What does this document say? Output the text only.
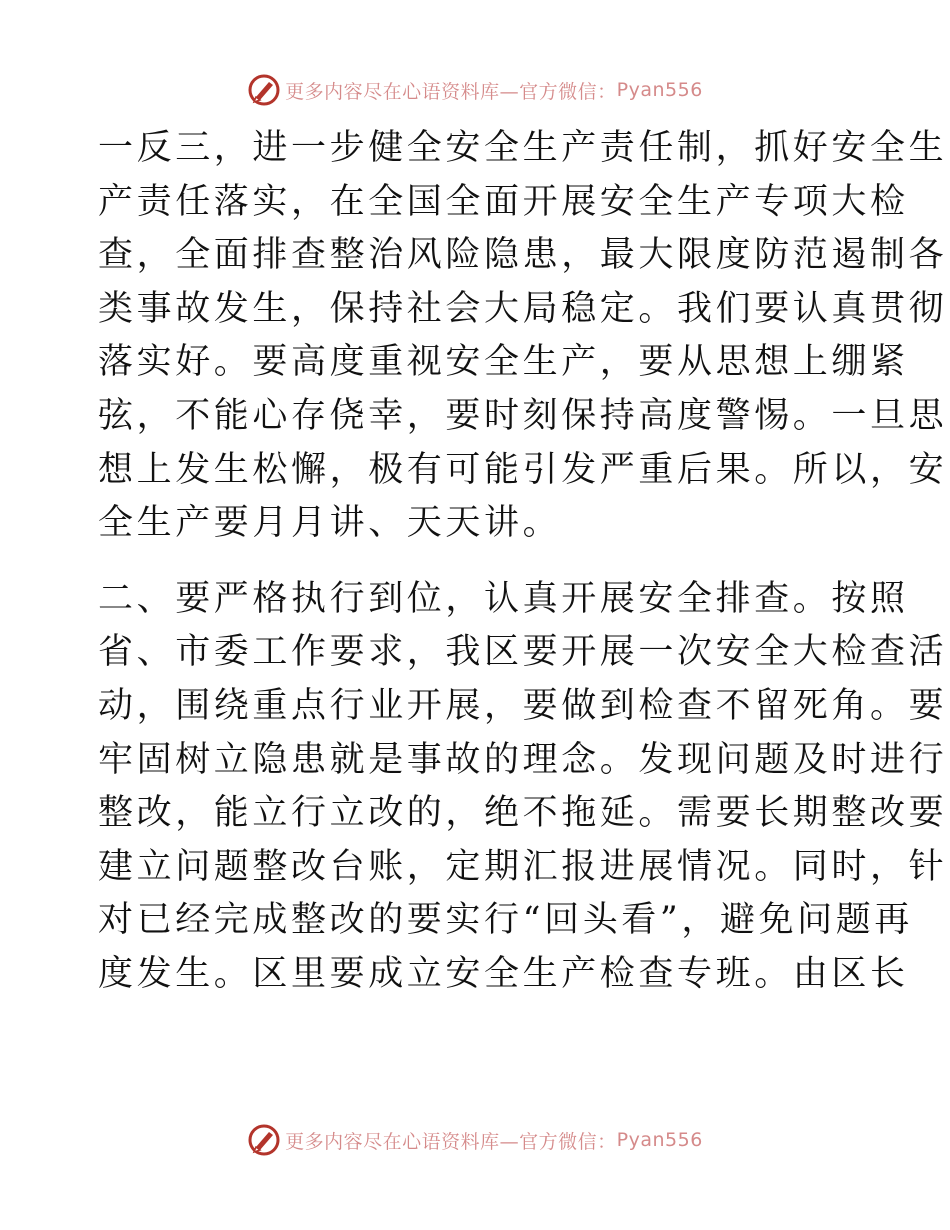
更多内容尽在心语资料库—官方微信： Pyan556
一反三，进一步健全安全生产责任制，抓好安全生
产责任落实，在全国全面开展安全生产专项大检
查，全面排查整治风险隐患，最大限度防范遏制各
类事故发生，保持社会大局稳定。我们要认真贯彻
落实好。要高度重视安全生产，要从思想上绷紧
弦，不能心存侥幸，要时刻保持高度警惕。一旦思
想上发生松懈，极有可能引发严重后果。所以，安
全生产要月月讲、天天讲。
二、要严格执行到位，认真开展安全排查。按照
省、市委工作要求，我区要开展一次安全大检查活
动，围绕重点行业开展，要做到检查不留死角。要
牢固树立隐患就是事故的理念。发现问题及时进行
整改，能立行立改的，绝不拖延。需要长期整改要
建立问题整改台账，定期汇报进展情况。同时，针
对已经完成整改的要实行“回头看”，避免问题再
度发生。区里要成立安全生产检查专班。由区长
更多内容尽在心语资料库—官方微信： Pyan556
